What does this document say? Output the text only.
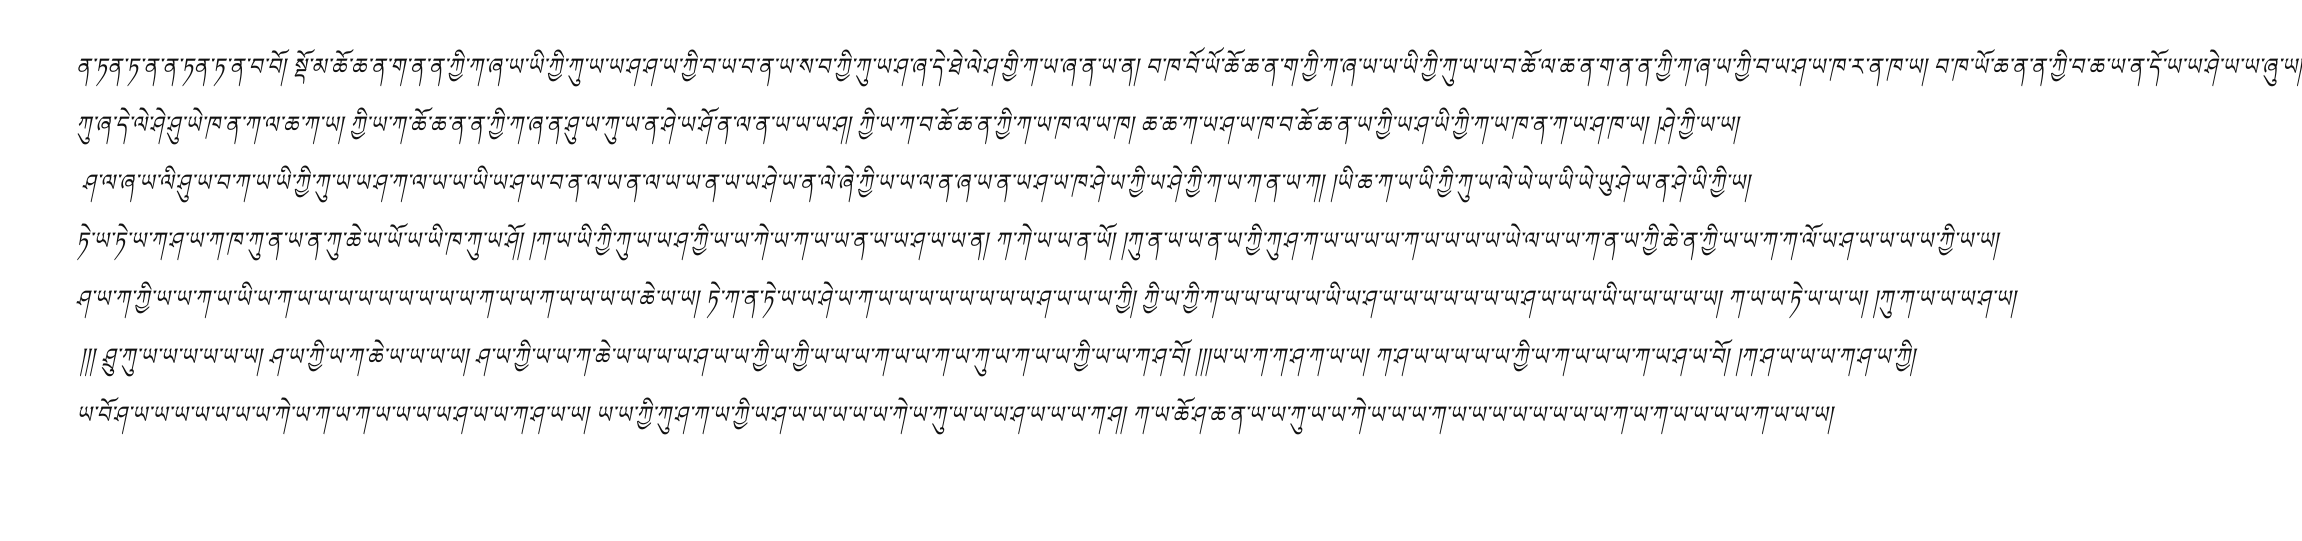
ན་ཏན་ཏ་ན་ན་ཏན་ཏ་ན་བ་བོ། སྡོ་མ་ཆོ་ཆ་ན་ག་ན་ན་ཀྱི་ཀ་ཞ་ཡ་ཡི་ཀྱི་ཀུ་ཡ་ཡ་ཤ་ཤ་ཡ་ཀྱི་བ་ཡ་བ་ན་ཡ་ས་བ་ཀྱི་ཀུ་ཡ་ཤ་ཞ་དེ་ཐེ་ལེ་ཤ་གྱི་ཀ་ཡ་ཞ་ན་ཡ་ན། བ་ཁ་བོ་ཡོ་ཆོ་ཆ་ན་ག་ཀྱི་ཀ་ཞ་ཡ་ཡ་ཡི་ཀྱི་ཀུ་ཡ་ཡ་བ་ཆོ་ལ་ཆ་ན་ག་ན་ན་ཀྱི་ཀ་ཞ་ཡ་ཀྱི་བ་ཡ་ཤ་ཡ་ཁ་ར་ན་ཁ་ཡ། བ་ཁ་ཡོ་ཆ་ན་ན་ཀྱི་བ་ཆ་ཡ་ན་དོ་ཡ་ཡ་ཤེ་ཡ་ཡ་ཞུ་ཡ།
ཀུ་ཞ་དེ་ལེ་ཤེ་ཤུ་ཡེ་ཁ་ན་ཀ་ལ་ཆ་ཀ་ཡ། ཀྱི་ཡ་ཀ་ཆོ་ཆ་ན་ན་ཀྱི་ཀ་ཞ་ན་ཤུ་ཡ་ཀུ་ཡ་ན་ཤེ་ཡ་ཤོ་ན་ལ་ན་ཡ་ཡ་ཡ་ཤ། ཀྱི་ཡ་ཀ་བ་ཆོ་ཆ་ན་ཀྱི་ཀ་ཡ་ཁ་ལ་ཡ་ཁ། ཆ་ཆ་ཀ་ཡ་ཤ་ཡ་ཁ་བ་ཆོ་ཆ་ན་ཡ་ཀྱི་ཡ་ཤ་ཡི་ཀྱི་ཀ་ཡ་ཁ་ན་ཀ་ཡ་ཤ་ཁ་ཡ། །ཤེ་ཀྱི་ཡ་ཡ།
ཤ་ལ་ཞ་ཡ་ལི་ཤུ་ཡ་བ་ཀ་ཡ་ཡི་ཀྱི་ཀུ་ཡ་ཡ་ཤ་ཀ་ལ་ཡ་ཡ་ཡི་ཡ་ཤ་ཡ་བ་ན་ལ་ཡ་ན་ལ་ཡ་ཡ་ན་ཡ་ཡ་ཤེ་ཡ་ན་ལེ་ཞེ་ཀྱི་ཡ་ཡ་ལ་ན་ཞ་ཡ་ན་ཡ་ཤ་ཡ་ཁ་ཤེ་ཡ་ཀྱི་ཡ་ཤེ་ཀྱི་ཀ་ཡ་ཀ་ན་ཡ་ཀ། །ཡི་ཆ་ཀ་ཡ་ཡི་ཀྱི་ཀུ་ཡ་ལེ་ཡེ་ཡ་ཡི་ཡེ་ཡུ་ཤེ་ཡ་ན་ཤེ་ཡི་ཀྱི་ཡ།
ཏེ་ཡ་ཏེ་ཡ་ཀ་ཤ་ཡ་ཀ་ཁ་ཀུ་ན་ཡ་ན་ཀུ་ཆེ་ཡ་ཡོ་ཡ་ཡི་ཁ་ཀུ་ཡ་ཤོ། །ཀ་ཡ་ཡི་ཀྱི་ཀུ་ཡ་ཡ་ཤ་ཀྱི་ཡ་ཡ་ཀེ་ཡ་ཀ་ཡ་ཡ་ན་ཡ་ཡ་ཤ་ཡ་ཡ་ན། ཀ་ཀེ་ཡ་ཡ་ན་ཡོ། །ཀུ་ན་ཡ་ཡ་ན་ཡ་ཀྱི་ཀུ་ཤ་ཀ་ཡ་ཡ་ཡ་ཡ་ཀ་ཡ་ཡ་ཡ་ཡ་ཡེ་ལ་ཡ་ཡ་ཀ་ན་ཡ་ཀྱི་ཆེ་ན་ཀྱི་ཡ་ཡ་ཀ་ཀ་ལོ་ཡ་ཤ་ཡ་ཡ་ཡ་ཡ་ཀྱི་ཡ་ཡ།
ཤ་ཡ་ཀ་ཀྱི་ཡ་ཡ་ཀ་ཡ་ཡི་ཡ་ཀ་ཡ་ཡ་ཡ་ཡ་ཡ་ཡ་ཡ་ཡ་ཡ་ཀ་ཡ་ཡ་ཀ་ཡ་ཡ་ཡ་ཡ་ཆེ་ཡ་ཡ། ཏེ་ཀ་ན་ཏེ་ཡ་ཡ་ཤེ་ཡ་ཀ་ཡ་ཡ་ཡ་ཡ་ཡ་ཡ་ཡ་ཡ་ཤ་ཡ་ཡ་ཡ་ཀྱི། ཀྱི་ཡ་ཀྱི་ཀ་ཡ་ཡ་ཡ་ཡ་ཡ་ཡི་ཡ་ཤ་ཡ་ཡ་ཡ་ཡ་ཡ་ཡ་ཡ་ཤ་ཡ་ཡ་ཡ་ཡི་ཡ་ཡ་ཡ་ཡ་ཡ། ཀ་ཡ་ཡ་ཏེ་ཡ་ཡ་ཡ། །ཀུ་ཀ་ཡ་ཡ་ཡ་ཤ་ཡ།
།།། ཤྲུ་ཀུ་ཡ་ཡ་ཡ་ཡ་ཡ་ཡ། ཤ་ཡ་ཀྱི་ཡ་ཀ་ཆེ་ཡ་ཡ་ཡ་ཡ། ཤ་ཡ་ཀྱི་ཡ་ཡ་ཀ་ཆེ་ཡ་ཡ་ཡ་ཡ་ཤ་ཡ་ཡ་ཀྱི་ཡ་ཀྱི་ཡ་ཡ་ཡ་ཀ་ཡ་ཡ་ཀ་ཡ་ཀུ་ཡ་ཀ་ཡ་ཡ་ཀྱི་ཡ་ཡ་ཀ་ཤ་བོ། །།།ཡ་ཡ་ཀ་ཀ་ཤ་ཀ་ཡ་ཡ། ཀ་ཤ་ཡ་ཡ་ཡ་ཡ་ཡ་ཀྱི་ཡ་ཀ་ཡ་ཡ་ཡ་ཀ་ཡ་ཤ་ཡ་བོ། །ཀ་ཤ་ཡ་ཡ་ཡ་ཀ་ཤ་ཡ་ཀྱི།
ཡ་བོ་ཤ་ཡ་ཡ་ཡ་ཡ་ཡ་ཡ་ཡ་ཀེ་ཡ་ཀ་ཡ་ཀ་ཡ་ཡ་ཡ་ཡ་ཤ་ཡ་ཡ་ཀ་ཤ་ཡ་ཡ། ཡ་ཡ་ཀྱི་ཀུ་ཤ་ཀ་ཡ་ཀྱི་ཡ་ཤ་ཡ་ཡ་ཡ་ཡ་ཡ་ཀེ་ཡ་ཀུ་ཡ་ཡ་ཡ་ཤ་ཡ་ཡ་ཡ་ཀ་ཤ། ཀ་ཡ་ཆོ་ཤ་ཆ་ན་ཡ་ཡ་ཀུ་ཡ་ཡ་ཀེ་ཡ་ཡ་ཡ་ཀ་ཡ་ཡ་ཡ་ཡ་ཡ་ཡ་ཡ་ཡ་ཀ་ཡ་ཀ་ཡ་ཡ་ཡ་ཡ་ཀ་ཡ་ཡ་ཡ།
